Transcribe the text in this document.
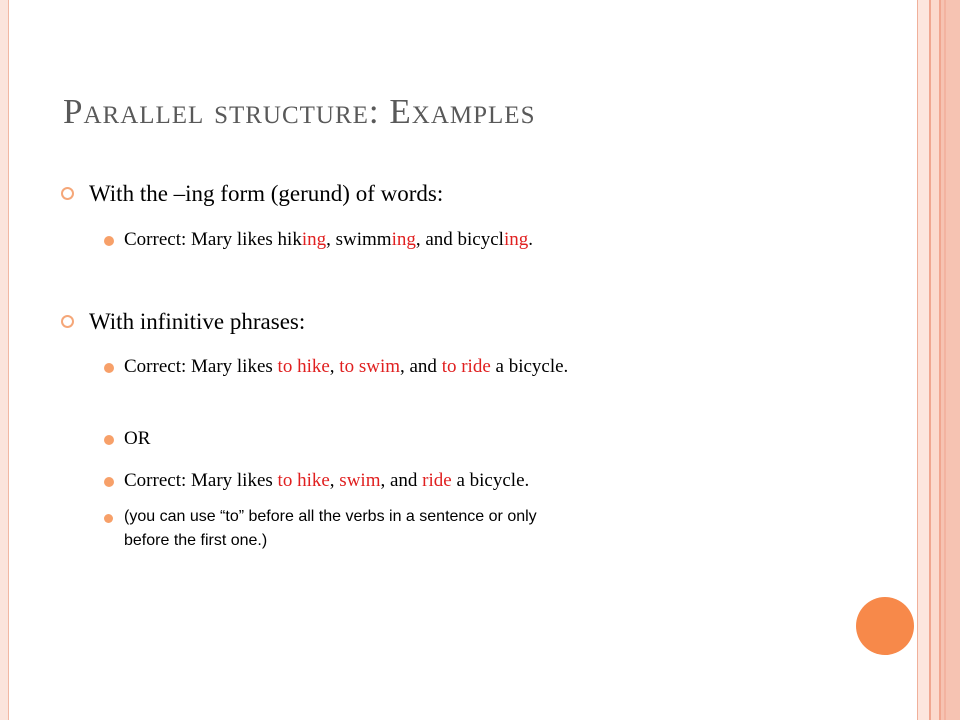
Parallel structure: Examples
With the –ing form (gerund) of words:
Correct: Mary likes hiking, swimming, and bicycling.
With infinitive phrases:
Correct: Mary likes to hike, to swim, and to ride a bicycle.
OR
Correct: Mary likes to hike, swim, and ride a bicycle.
(you can use “to” before all the verbs in a sentence or only before the first one.)
